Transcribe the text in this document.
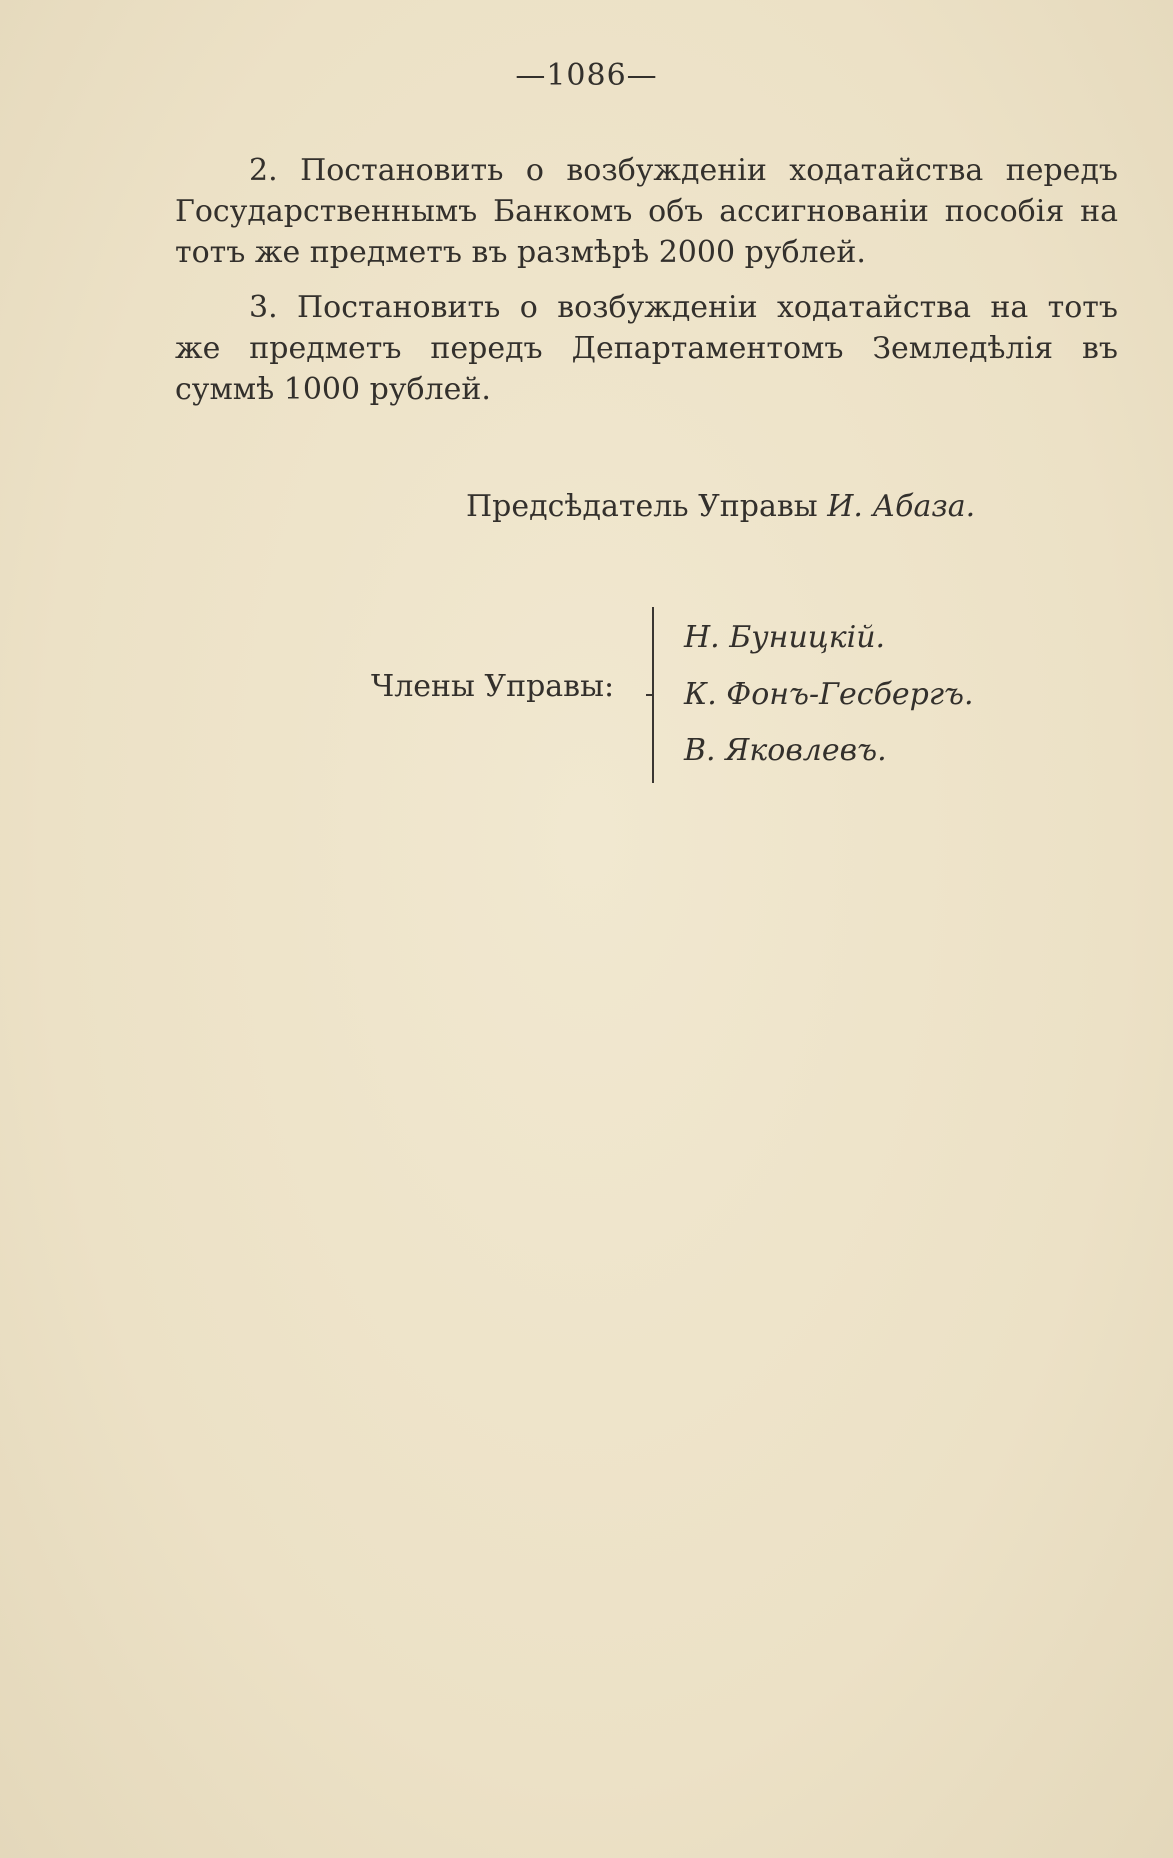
—1086—
2. Постановить о возбужденіи ходатайства передъ
Государственнымъ Банкомъ объ ассигнованіи пособія на
тотъ же предметъ въ размѣрѣ 2000 рублей.
3. Постановить о возбужденіи ходатайства на тотъ
же предметъ передъ Департаментомъ Земледѣлія въ
суммѣ 1000 рублей.
Предсѣдатель Управы И. Абаза.
Члены Управы:
Н. Буницкій.
К. Фонъ-Гесбергъ.
В. Яковлевъ.
